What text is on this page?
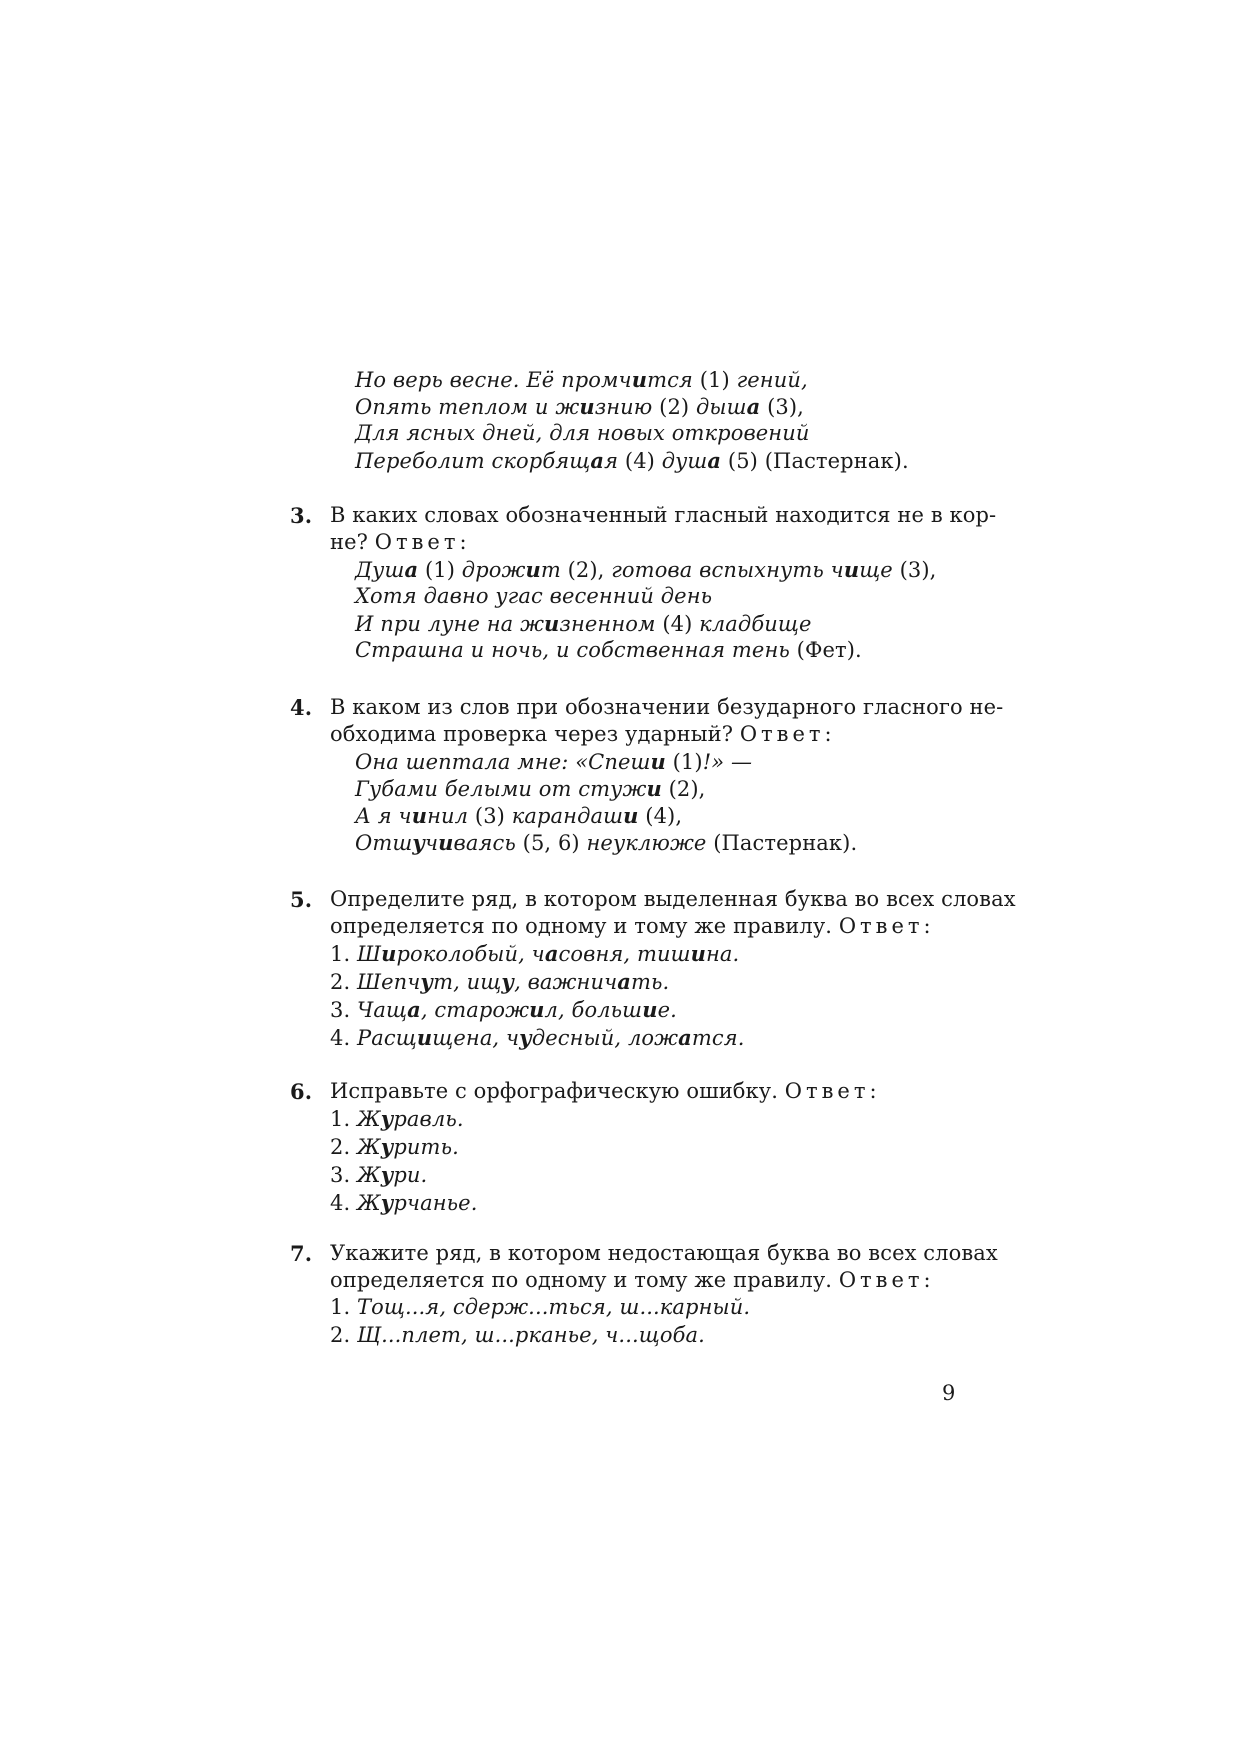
Но верь весне. Её промчится (1) гений,
Опять теплом и жизнию (2) дыша (3),
Для ясных дней, для новых откровений
Переболит скорбящая (4) душа (5) (Пастернак).
3. В каких словах обозначенный гласный находится не в кор-
не? Ответ:
Душа (1) дрожит (2), готова вспыхнуть чище (3),
Хотя давно угас весенний день
И при луне на жизненном (4) кладбище
Страшна и ночь, и собственная тень (Фет).
4. В каком из слов при обозначении безударного гласного не-
обходима проверка через ударный? Ответ:
Она шептала мне: «Спеши (1)!» —
Губами белыми от стужи (2),
А я чинил (3) карандаши (4),
Отшучиваясь (5, 6) неуклюже (Пастернак).
5. Определите ряд, в котором выделенная буква во всех словах
определяется по одному и тому же правилу. Ответ:
1. Широколобый, часовня, тишина.
2. Шепчут, ищу, важничать.
3. Чаща, старожил, большие.
4. Расщищена, чудесный, ложатся.
6. Исправьте с орфографическую ошибку. Ответ:
1. Журавль.
2. Журить.
3. Жури.
4. Журчанье.
7. Укажите ряд, в котором недостающая буква во всех словах
определяется по одному и тому же правилу. Ответ:
1. Тощ...я, сдерж...ться, ш...карный.
2. Щ...плет, ш...рканье, ч...щоба.
9
